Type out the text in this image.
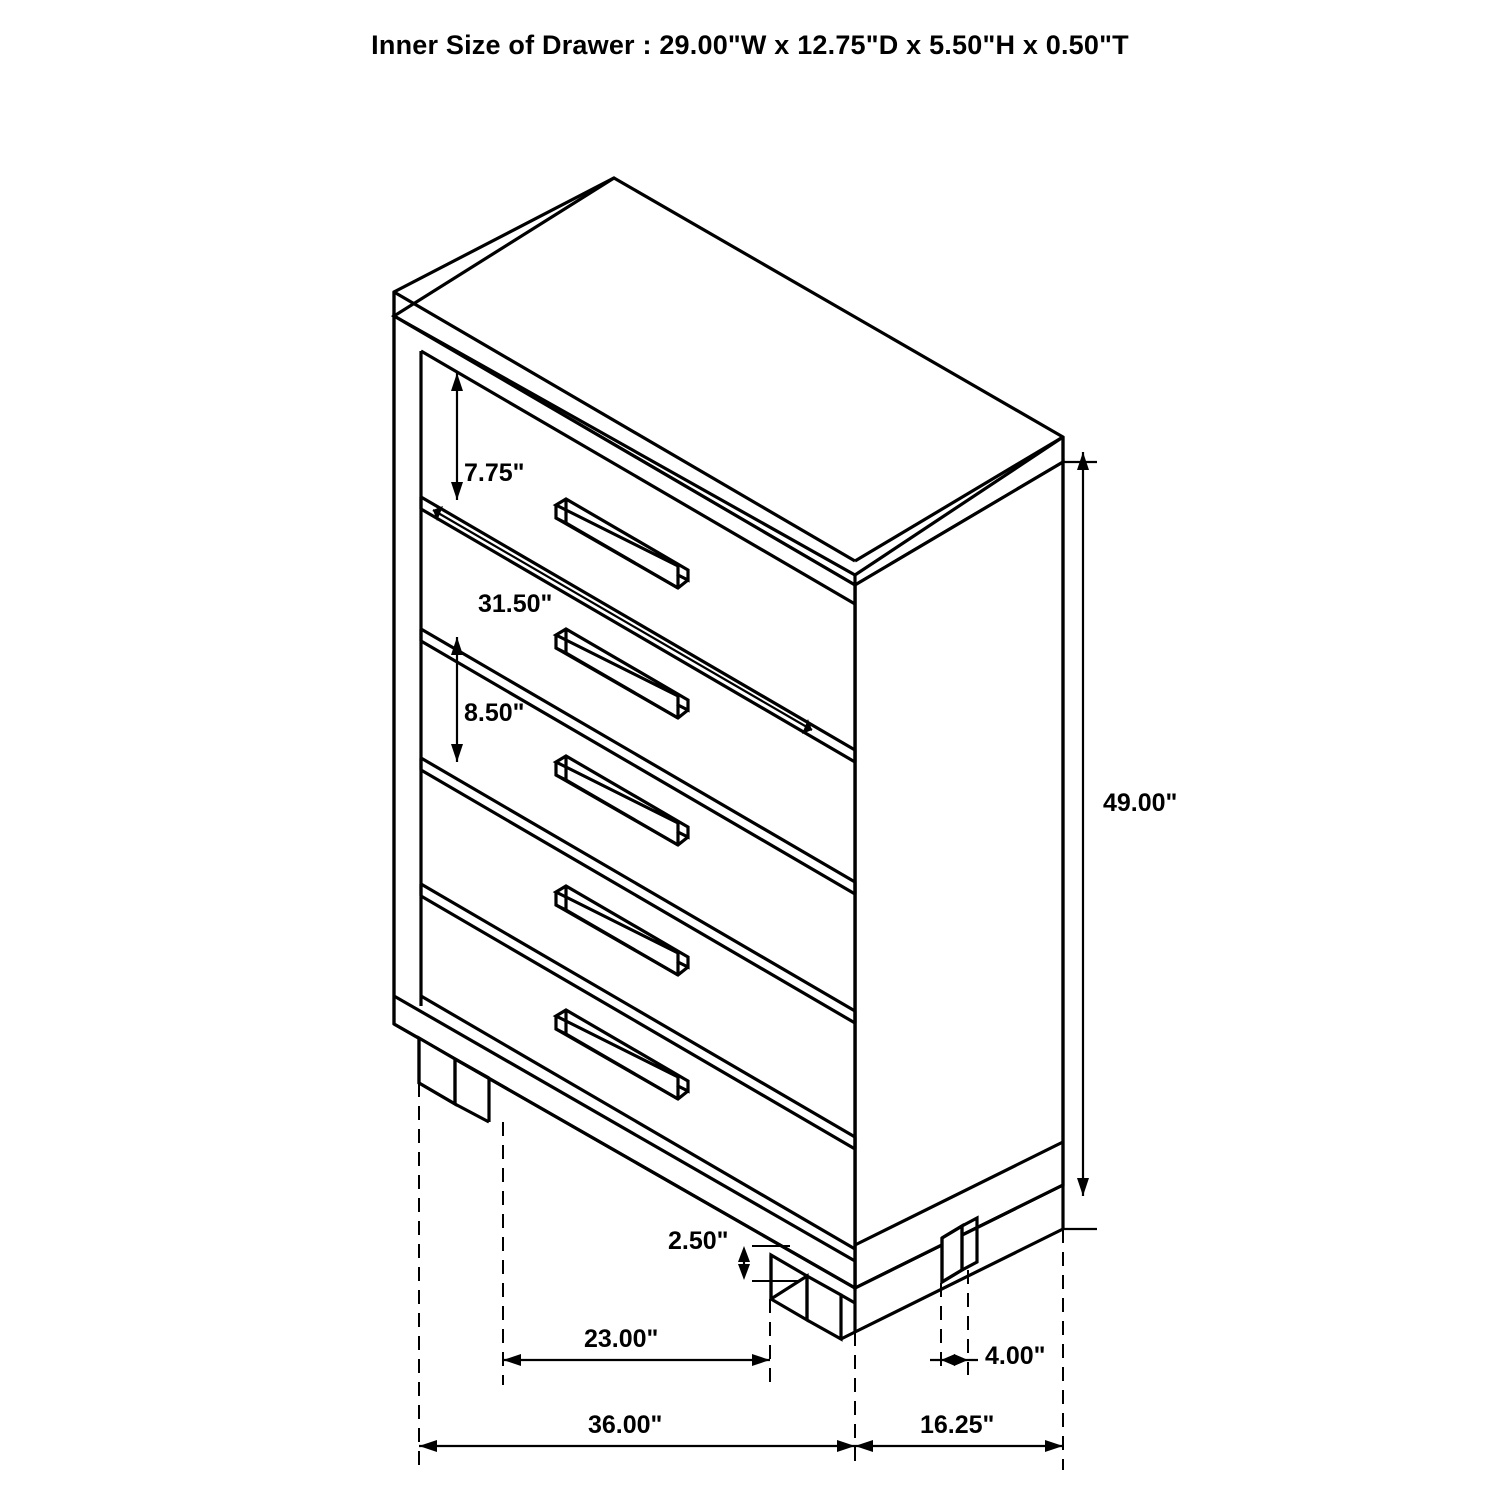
Inner Size of Drawer : 29.00"W x 12.75"D x 5.50"H x 0.50"T
7.75"
31.50"
8.50"
49.00"
2.50"
23.00"
36.00"	16.25"
4.00"
